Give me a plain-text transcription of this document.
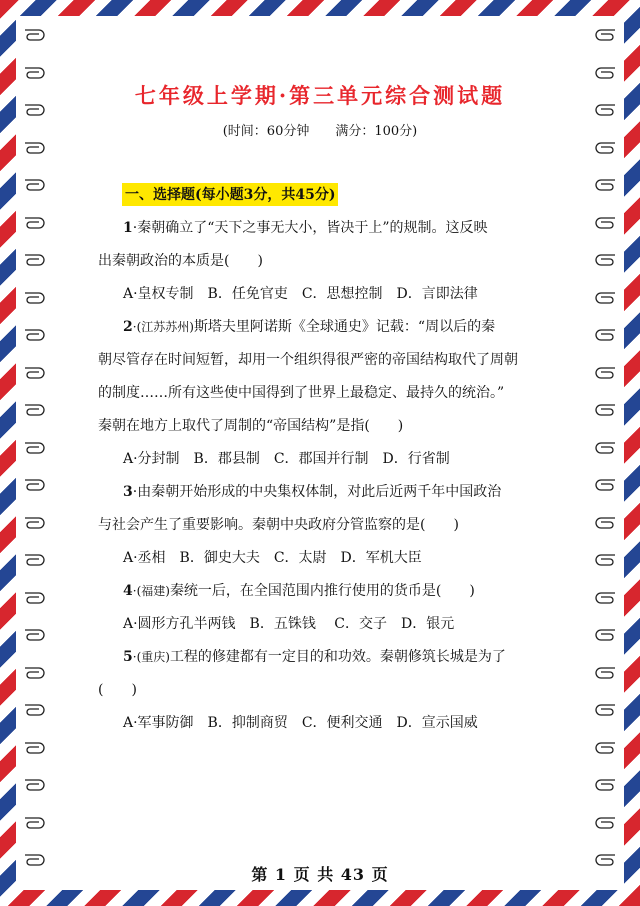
七年级上学期·第三单元综合测试题
(时间：60分钟 满分：100分)
一、选择题(每小题3分，共45分)
1·秦朝确立了“天下之事无大小，皆决于上”的规制。这反映
出秦朝政治的本质是(　　)
A·皇权专制　B．任免官吏　C．思想控制　D．言即法律
2·(江苏苏州)斯塔夫里阿诺斯《全球通史》记载：“周以后的秦
朝尽管存在时间短暂，却用一个组织得很严密的帝国结构取代了周朝
的制度……所有这些使中国得到了世界上最稳定、最持久的统治。”
秦朝在地方上取代了周制的“帝国结构”是指(　　)
A·分封制　B．郡县制　C．郡国并行制　D．行省制
3·由秦朝开始形成的中央集权体制，对此后近两千年中国政治
与社会产生了重要影响。秦朝中央政府分管监察的是(　　)
A·丞相　B．御史大夫　C．太尉　D．军机大臣
4·(福建)秦统一后，在全国范围内推行使用的货币是(　　)
A·圆形方孔半两钱　B．五铢钱　 C．交子　D．银元
5·(重庆)工程的修建都有一定目的和功效。秦朝修筑长城是为了
(　　)
A·军事防御　B．抑制商贸　C．便利交通　D．宣示国威
第 1 页 共 43 页
